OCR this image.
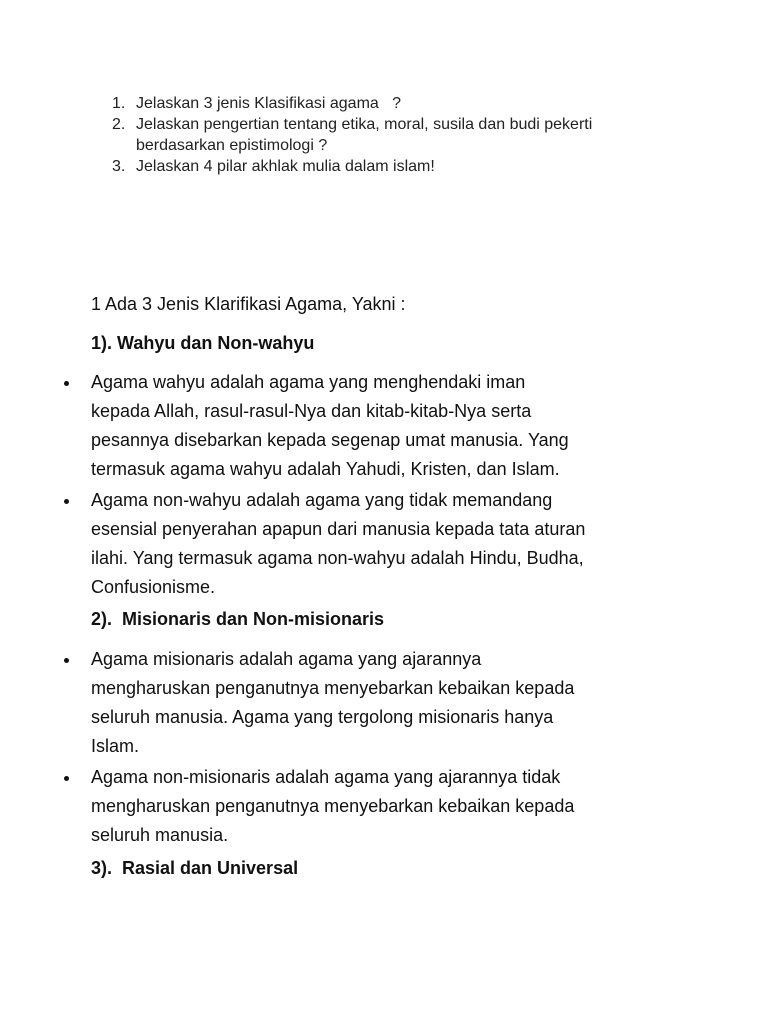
1. Jelaskan 3 jenis Klasifikasi agama   ?
2. Jelaskan pengertian tentang etika, moral, susila dan budi pekerti
berdasarkan epistimologi ?
3. Jelaskan 4 pilar akhlak mulia dalam islam!
1 Ada 3 Jenis Klarifikasi Agama, Yakni :
1). Wahyu dan Non-wahyu
Agama wahyu adalah agama yang menghendaki iman
kepada Allah, rasul-rasul-Nya dan kitab-kitab-Nya serta
pesannya disebarkan kepada segenap umat manusia. Yang
termasuk agama wahyu adalah Yahudi, Kristen, dan Islam.
Agama non-wahyu adalah agama yang tidak memandang
esensial penyerahan apapun dari manusia kepada tata aturan
ilahi. Yang termasuk agama non-wahyu adalah Hindu, Budha,
Confusionisme.
2).  Misionaris dan Non-misionaris
Agama misionaris adalah agama yang ajarannya
mengharuskan penganutnya menyebarkan kebaikan kepada
seluruh manusia. Agama yang tergolong misionaris hanya
Islam.
Agama non-misionaris adalah agama yang ajarannya tidak
mengharuskan penganutnya menyebarkan kebaikan kepada
seluruh manusia.
3).  Rasial dan Universal
